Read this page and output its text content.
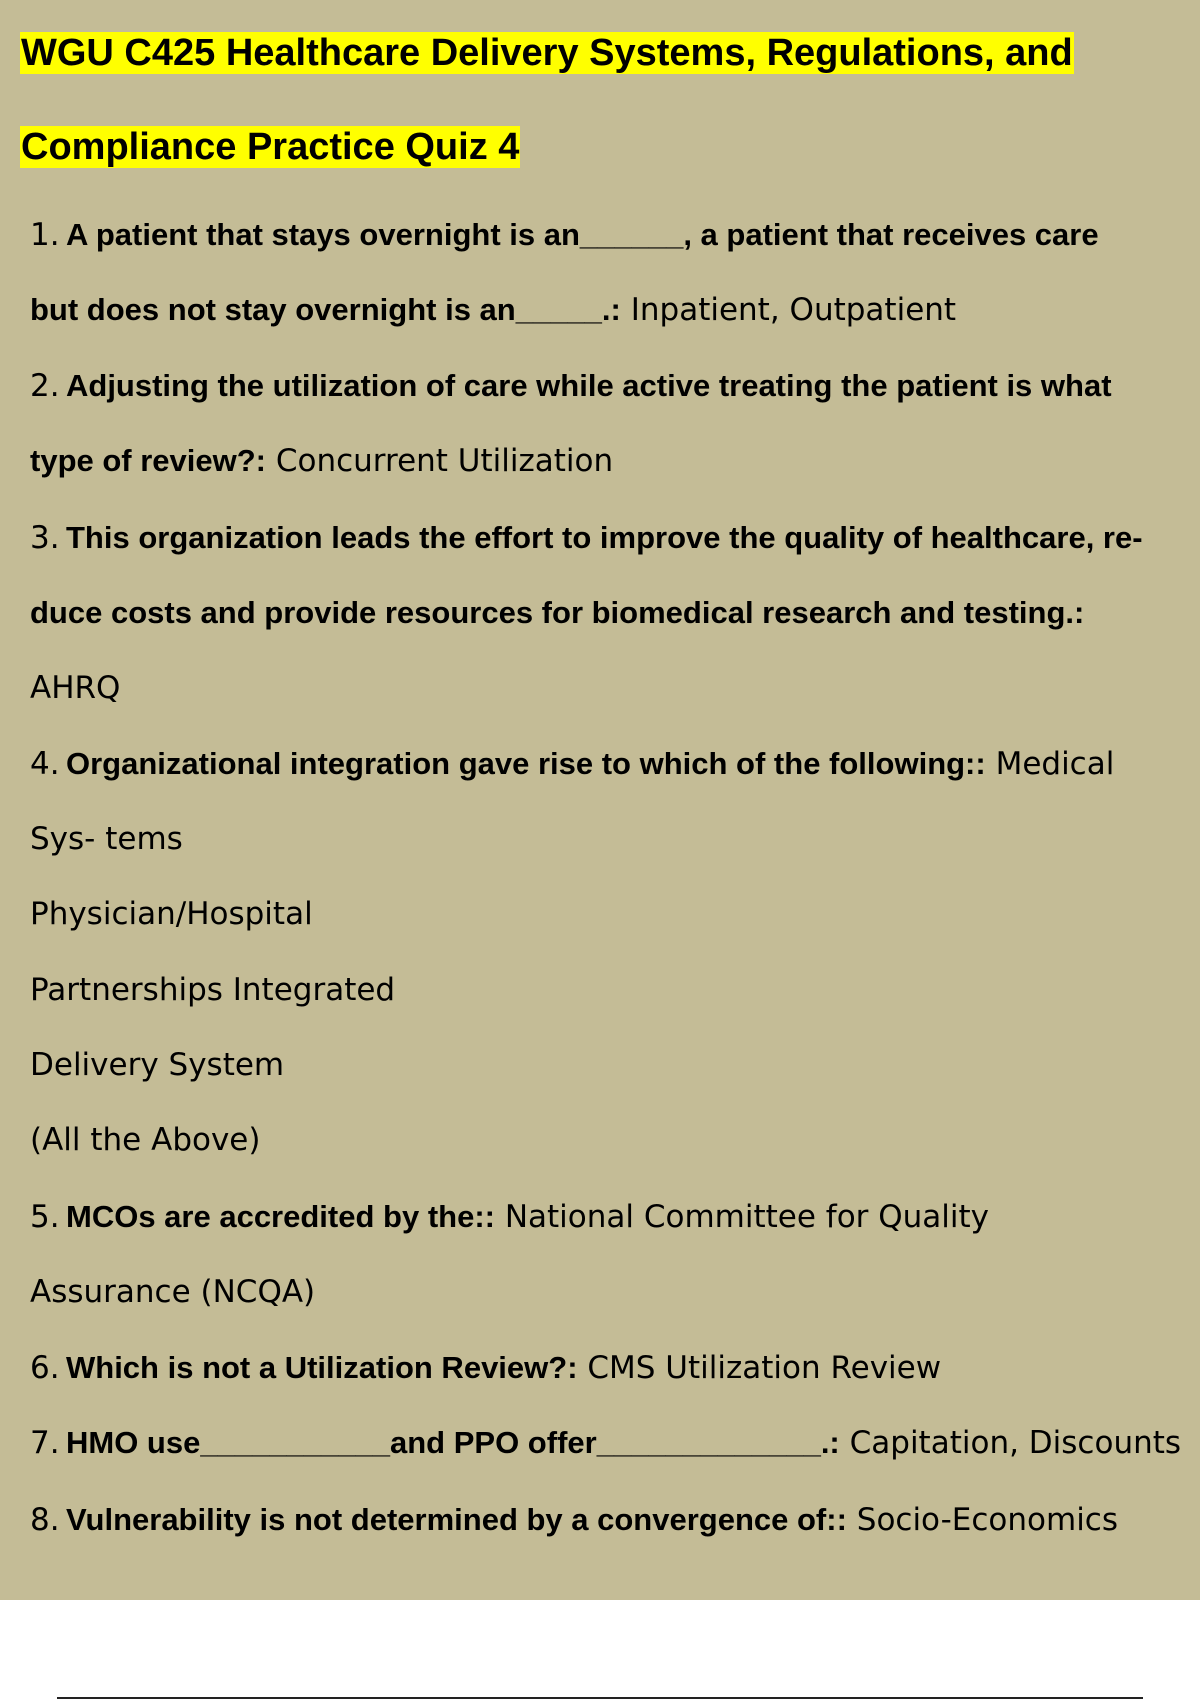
WGU C425 Healthcare Delivery Systems, Regulations, and
Compliance Practice Quiz 4
1. A patient that stays overnight is an______, a patient that receives care
but does not stay overnight is an_____.: Inpatient, Outpatient
2. Adjusting the utilization of care while active treating the patient is what
type of review?: Concurrent Utilization
3. This organization leads the effort to improve the quality of healthcare, re-
duce costs and provide resources for biomedical research and testing.:
AHRQ
4. Organizational integration gave rise to which of the following:: Medical
Sys- tems
Physician/Hospital
Partnerships Integrated
Delivery System
(All the Above)
5. MCOs are accredited by the:: National Committee for Quality
Assurance (NCQA)
6. Which is not a Utilization Review?: CMS Utilization Review
7. HMO use___________and PPO offer_____________.: Capitation, Discounts
8. Vulnerability is not determined by a convergence of:: Socio-Economics
